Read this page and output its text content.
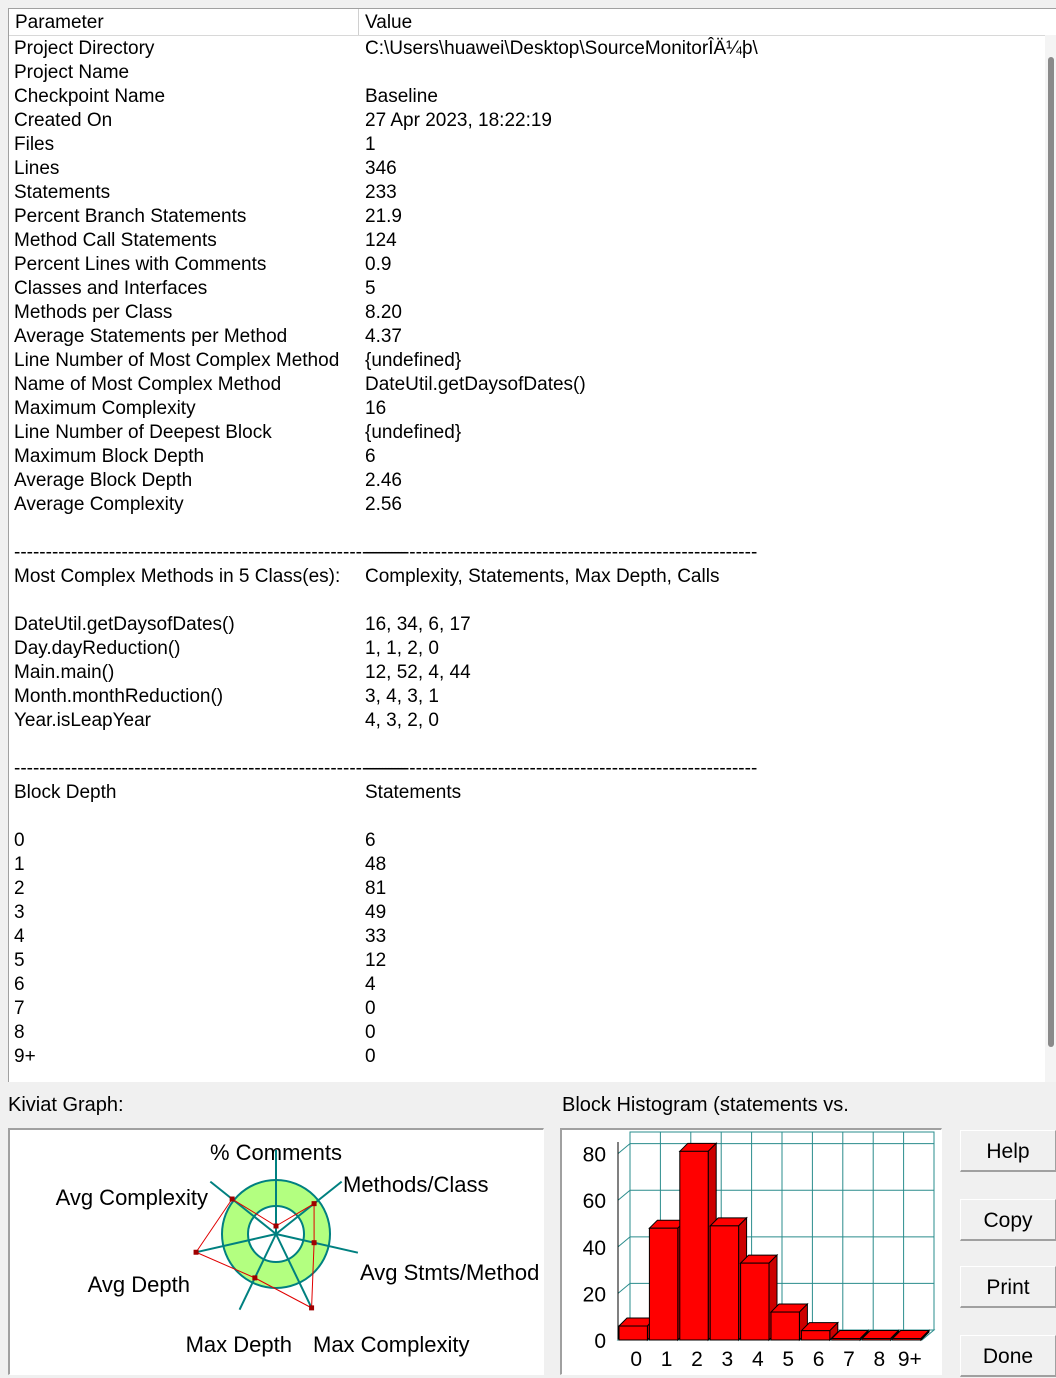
Parameter	Value
Project Directory	C:\Users\huawei\Desktop\SourceMonitorÎÄ¼þ\
Project Name
Checkpoint Name	Baseline
Created On	27 Apr 2023, 18:22:19
Files	1
Lines	346
Statements	233
Percent Branch Statements	21.9
Method Call Statements	124
Percent Lines with Comments	0.9
Classes and Interfaces	5
Methods per Class	8.20
Average Statements per Method	4.37
Line Number of Most Complex Method {undefined}
Name of Most Complex Method	DateUtil.getDaysofDates()
Maximum Complexity	16
Line Number of Deepest Block	{undefined}
Maximum Block Depth	6
Average Block Depth	2.46
Average Complexity	2.56
--------------------------------------------------------------
--------------------------------------------------------------
Most Complex Methods in 5 Class(es): Complexity, Statements, Max Depth, Calls
DateUtil.getDaysofDates()	16, 34, 6, 17
Day.dayReduction()	1, 1, 2, 0
Main.main()	12, 52, 4, 44
Month.monthReduction()	3, 4, 3, 1
Year.isLeapYear	4, 3, 2, 0
--------------------------------------------------------------
--------------------------------------------------------------
Block Depth	Statements
0	6
1	48
2	81
3	49
4	33
5	12
6	4
7	0
8	0
9+	0
Kiviat Graph:
% Comments
Methods/Class
Avg Stmts/Method
Max Complexity
Max Depth
Avg Depth
Avg Complexity
Block Histogram (statements vs.
0
20
40
60
80
0 1 2 3 4 5 6 7 8 9+
Help
Copy
Print
Done
